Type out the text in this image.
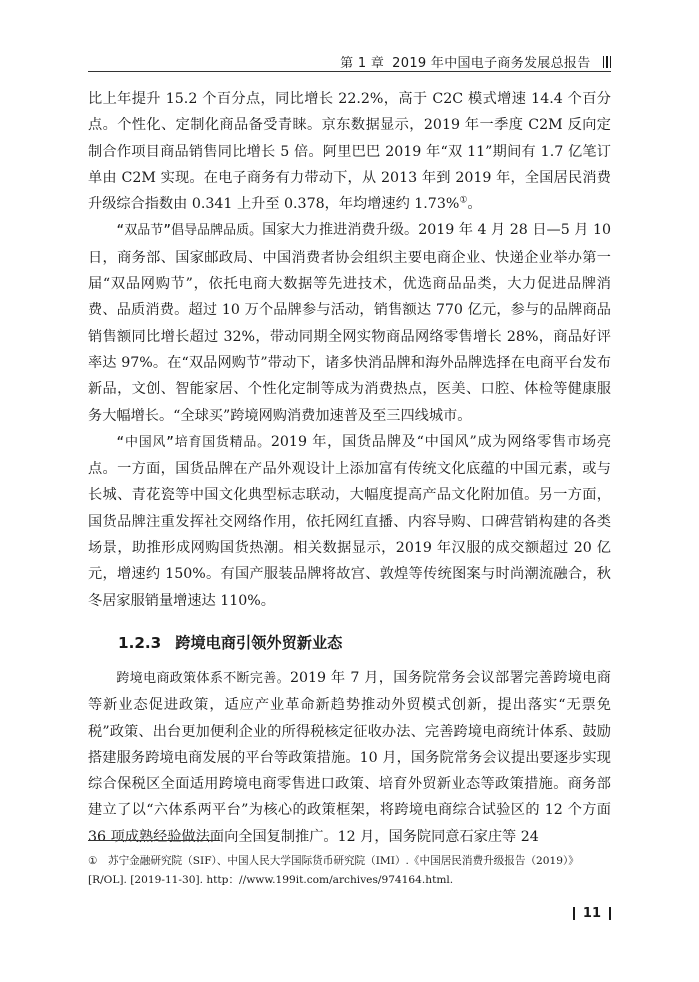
第 1 章 2019 年中国电子商务发展总报告

比上年提升 15.2 个百分点，同比增长 22.2%，高于 C2C 模式增速 14.4 个百分点。个性化、定制化商品备受青睐。京东数据显示，2019 年一季度 C2M 反向定制合作项目商品销售同比增长 5 倍。阿里巴巴 2019 年“双 11”期间有 1.7 亿笔订单由 C2M 实现。在电子商务有力带动下，从 2013 年到 2019 年，全国居民消费升级综合指数由 0.341 上升至 0.378，年均增速约 1.73%①。

“双品节”倡导品牌品质。国家大力推进消费升级。2019 年 4 月 28 日—5 月 10 日，商务部、国家邮政局、中国消费者协会组织主要电商企业、快递企业举办第一届“双品网购节”，依托电商大数据等先进技术，优选商品品类，大力促进品牌消费、品质消费。超过 10 万个品牌参与活动，销售额达 770 亿元，参与的品牌商品销售额同比增长超过 32%，带动同期全网实物商品网络零售增长 28%，商品好评率达 97%。在“双品网购节”带动下，诸多快消品牌和海外品牌选择在电商平台发布新品，文创、智能家居、个性化定制等成为消费热点，医美、口腔、体检等健康服务大幅增长。“全球买”跨境网购消费加速普及至三四线城市。

“中国风”培育国货精品。2019 年，国货品牌及“中国风”成为网络零售市场亮点。一方面，国货品牌在产品外观设计上添加富有传统文化底蕴的中国元素，或与长城、青花瓷等中国文化典型标志联动，大幅度提高产品文化附加值。另一方面，国货品牌注重发挥社交网络作用，依托网红直播、内容导购、口碑营销构建的各类场景，助推形成网购国货热潮。相关数据显示，2019 年汉服的成交额超过 20 亿元，增速约 150%。有国产服装品牌将故宫、敦煌等传统图案与时尚潮流融合，秋冬居家服销量增速达 110%。

1.2.3 跨境电商引领外贸新业态

跨境电商政策体系不断完善。2019 年 7 月，国务院常务会议部署完善跨境电商等新业态促进政策，适应产业革命新趋势推动外贸模式创新，提出落实“无票免税”政策、出台更加便利企业的所得税核定征收办法、完善跨境电商统计体系、鼓励搭建服务跨境电商发展的平台等政策措施。10 月，国务院常务会议提出要逐步实现综合保税区全面适用跨境电商零售进口政策、培育外贸新业态等政策措施。商务部建立了以“六体系两平台”为核心的政策框架，将跨境电商综合试验区的 12 个方面 36 项成熟经验做法面向全国复制推广。12 月，国务院同意石家庄等 24

① 苏宁金融研究院（SIF）、中国人民大学国际货币研究院（IMI）.《中国居民消费升级报告（2019）》[R/OL]. [2019-11-30]. http：//www.199it.com/archives/974164.html.
11
